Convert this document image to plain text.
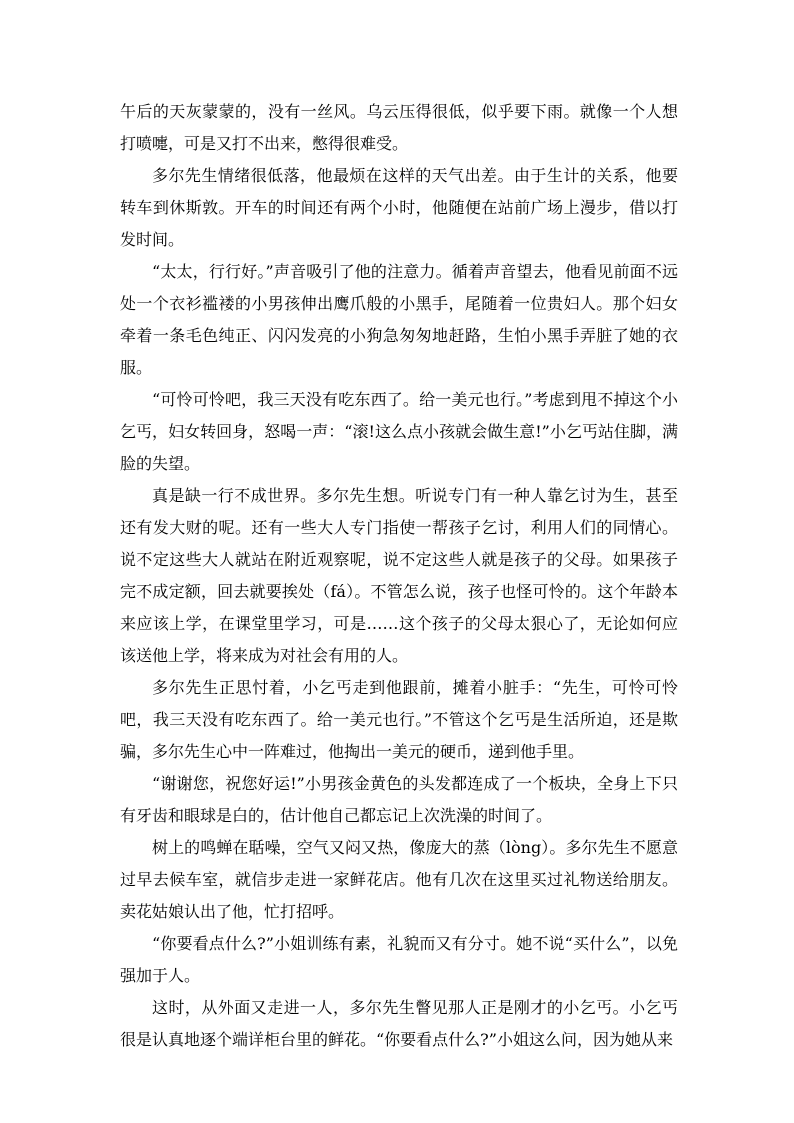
午后的天灰蒙蒙的，没有一丝风。乌云压得很低，似乎要下雨。就像一个人想打喷嚏，可是又打不出来，憋得很难受。

多尔先生情绪很低落，他最烦在这样的天气出差。由于生计的关系，他要转车到休斯敦。开车的时间还有两个小时，他随便在站前广场上漫步，借以打发时间。

“太太，行行好。”声音吸引了他的注意力。循着声音望去，他看见前面不远处一个衣衫褴褛的小男孩伸出鹰爪般的小黑手，尾随着一位贵妇人。那个妇女牵着一条毛色纯正、闪闪发亮的小狗急匆匆地赶路，生怕小黑手弄脏了她的衣服。

“可怜可怜吧，我三天没有吃东西了。给一美元也行。”考虑到甩不掉这个小乞丐，妇女转回身，怒喝一声：“滚!这么点小孩就会做生意!”小乞丐站住脚，满脸的失望。

真是缺一行不成世界。多尔先生想。听说专门有一种人靠乞讨为生，甚至还有发大财的呢。还有一些大人专门指使一帮孩子乞讨，利用人们的同情心。说不定这些大人就站在附近观察呢，说不定这些人就是孩子的父母。如果孩子完不成定额，回去就要挨处（fá）。不管怎么说，孩子也怪可怜的。这个年龄本来应该上学，在课堂里学习，可是……这个孩子的父母太狠心了，无论如何应该送他上学，将来成为对社会有用的人。

多尔先生正思忖着，小乞丐走到他跟前，摊着小脏手：“先生，可怜可怜吧，我三天没有吃东西了。给一美元也行。”不管这个乞丐是生活所迫，还是欺骗，多尔先生心中一阵难过，他掏出一美元的硬币，递到他手里。

“谢谢您，祝您好运!”小男孩金黄色的头发都连成了一个板块，全身上下只有牙齿和眼球是白的，估计他自己都忘记上次洗澡的时间了。

树上的鸣蝉在聒噪，空气又闷又热，像庞大的蒸（lòng）。多尔先生不愿意过早去候车室，就信步走进一家鲜花店。他有几次在这里买过礼物送给朋友。卖花姑娘认出了他，忙打招呼。

“你要看点什么?”小姐训练有素，礼貌而又有分寸。她不说“买什么”，以免强加于人。

这时，从外面又走进一人，多尔先生瞥见那人正是刚才的小乞丐。小乞丐很是认真地逐个端详柜台里的鲜花。“你要看点什么?”小姐这么问，因为她从来
